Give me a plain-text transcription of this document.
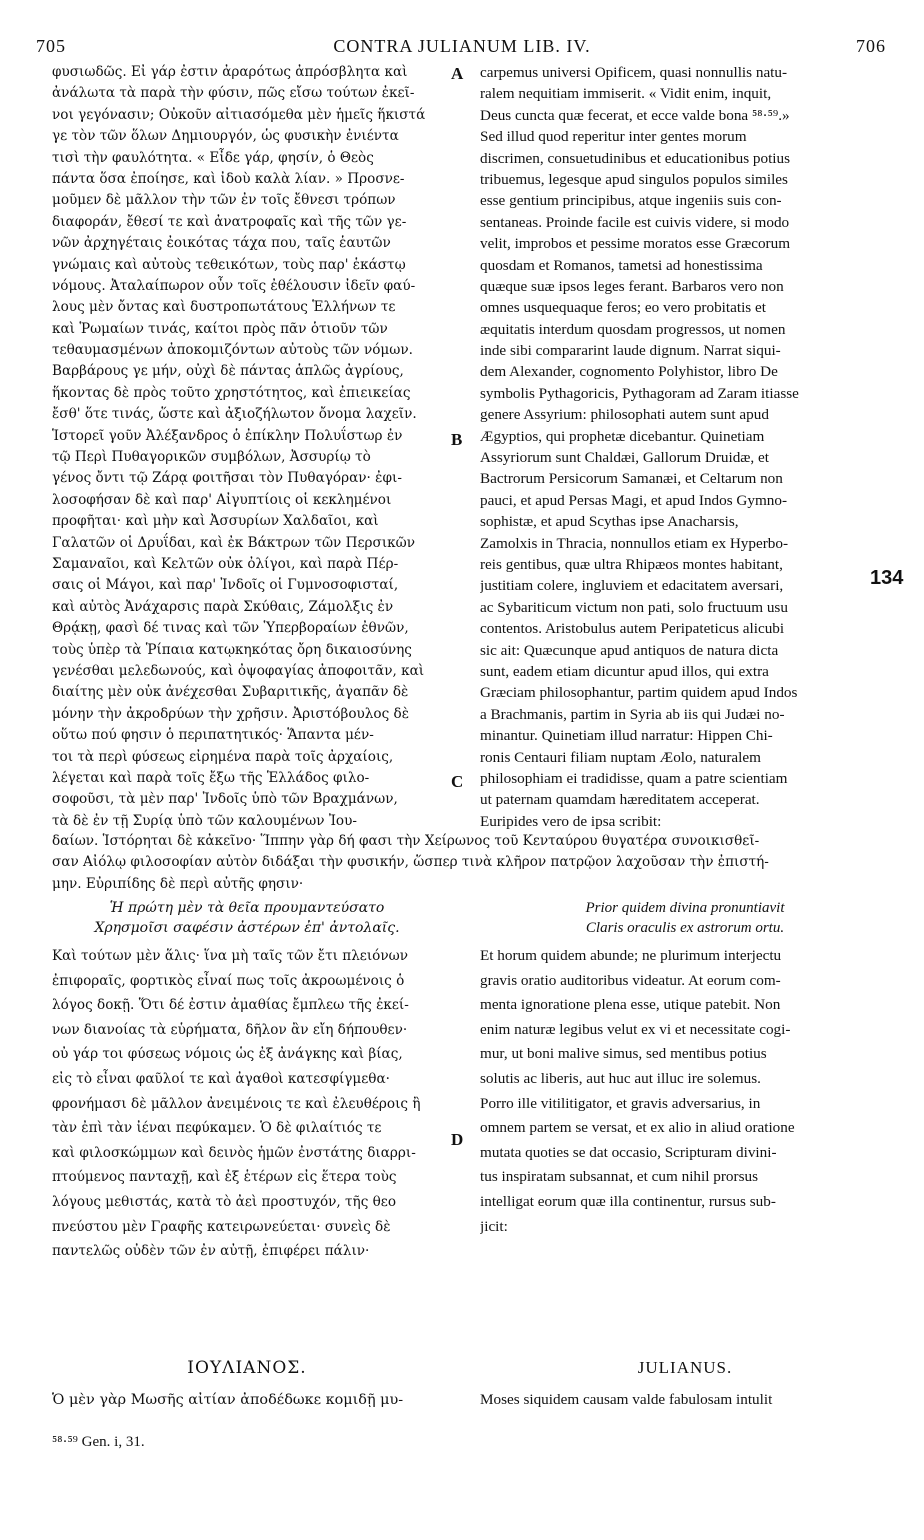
705	CONTRA JULIANUM LIB. IV.	706
φυσιωδῶς. Εἰ γάρ ἐστιν ἀραρότως ἀπρόσβλητα καὶ
ἀνάλωτα τὰ παρὰ τὴν φύσιν, πῶς εἴσω τούτων ἐκεῖ-
νοι γεγόνασιν; Οὐκοῦν αἰτιασόμεθα μὲν ἡμεῖς ἥκιστά
γε τὸν τῶν ὅλων Δημιουργόν, ὡς φυσικὴν ἐνιέντα
τισὶ τὴν φαυλότητα. « Εἶδε γάρ, φησίν, ὁ Θεὸς
πάντα ὅσα ἐποίησε, καὶ ἰδοὺ καλὰ λίαν. » Προσνε-
μοῦμεν δὲ μᾶλλον τὴν τῶν ἐν τοῖς ἔθνεσι τρόπων
διαφοράν, ἔθεσί τε καὶ ἀνατροφαῖς καὶ τῆς τῶν γε-
νῶν ἀρχηγέταις ἐοικότας τάχα που, ταῖς ἑαυτῶν
γνώμαις καὶ αὐτοὺς τεθεικότων, τοὺς παρ' ἑκάστῳ
νόμους. Ἀταλαίπωρον οὖν τοῖς ἐθέλουσιν ἰδεῖν φαύ-
λους μὲν ὄντας καὶ δυστροπωτάτους Ἑλλήνων τε
καὶ Ῥωμαίων τινάς, καίτοι πρὸς πᾶν ὁτιοῦν τῶν
τεθαυμασμένων ἀποκομιζόντων αὐτοὺς τῶν νόμων.
Βαρβάρους γε μήν, οὐχὶ δὲ πάντας ἁπλῶς ἀγρίους,
ἥκοντας δὲ πρὸς τοῦτο χρηστότητος, καὶ ἐπιεικείας
ἔσθ' ὅτε τινάς, ὥστε καὶ ἀξιοζήλωτον ὄνομα λαχεῖν.
Ἱστορεῖ γοῦν Ἀλέξανδρος ὁ ἐπίκλην Πολυΐστωρ ἐν
τῷ Περὶ Πυθαγορικῶν συμβόλων, Ἀσσυρίῳ τὸ
γένος ὄντι τῷ Ζάρᾳ φοιτῆσαι τὸν Πυθαγόραν· ἐφι-
λοσοφήσαν δὲ καὶ παρ' Αἰγυπτίοις οἱ κεκλημένοι
προφῆται· καὶ μὴν καὶ Ἀσσυρίων Χαλδαῖοι, καὶ
Γαλατῶν οἱ Δρυΐδαι, καὶ ἐκ Βάκτρων τῶν Περσικῶν
Σαμαναῖοι, καὶ Κελτῶν οὐκ ὀλίγοι, καὶ παρὰ Πέρ-
σαις οἱ Μάγοι, καὶ παρ' Ἰνδοῖς οἱ Γυμνοσοφισταί,
καὶ αὐτὸς Ἀνάχαρσις παρὰ Σκύθαις, Ζάμολξις ἐν
Θρᾴκῃ, φασὶ δέ τινας καὶ τῶν Ὑπερβοραίων ἐθνῶν,
τοὺς ὑπὲρ τὰ Ῥίπαια κατῳκηκότας ὄρη δικαιοσύνης
γενέσθαι μελεδωνούς, καὶ ὀψοφαγίας ἀποφοιτᾶν, καὶ
διαίτης μὲν οὐκ ἀνέχεσθαι Συβαριτικῆς, ἀγαπᾶν δὲ
μόνην τὴν ἀκροδρύων τὴν χρῆσιν. Ἀριστόβουλος δὲ
οὕτω πού φησιν ὁ περιπατητικός· Ἅπαντα μέν-
τοι τὰ περὶ φύσεως εἰρημένα παρὰ τοῖς ἀρχαίοις,
λέγεται καὶ παρὰ τοῖς ἔξω τῆς Ἑλλάδος φιλο-
σοφοῦσι, τὰ μὲν παρ' Ἰνδοῖς ὑπὸ τῶν Βραχμάνων,
τὰ δὲ ἐν τῇ Συρίᾳ ὑπὸ τῶν καλουμένων Ἰου-
carpemus universi Opificem, quasi nonnullis natu-
ralem nequitiam immiserit. « Vidit enim, inquit,
Deus cuncta quæ fecerat, et ecce valde bona ⁵⁸·⁵⁹.»
Sed illud quod reperitur inter gentes morum
discrimen, consuetudinibus et educationibus potius
tribuemus, legesque apud singulos populos similes
esse gentium principibus, atque ingeniis suis con-
sentaneas. Proinde facile est cuivis videre, si modo
velit, improbos et pessime moratos esse Græcorum
quosdam et Romanos, tametsi ad honestissima
quæque suæ ipsos leges ferant. Barbaros vero non
omnes usquequaque feros; eo vero probitatis et
æquitatis interdum quosdam progressos, ut nomen
inde sibi compararint laude dignum. Narrat siqui-
dem Alexander, cognomento Polyhistor, libro De
symbolis Pythagoricis, Pythagoram ad Zaram itiasse
genere Assyrium: philosophati autem sunt apud
Ægyptios, qui prophetæ dicebantur. Quinetiam
Assyriorum sunt Chaldæi, Gallorum Druidæ, et
Bactrorum Persicorum Samanæi, et Celtarum non
pauci, et apud Persas Magi, et apud Indos Gymno-
sophistæ, et apud Scythas ipse Anacharsis,
Zamolxis in Thracia, nonnullos etiam ex Hyperbo-
reis gentibus, quæ ultra Rhipæos montes habitant,
justitiam colere, ingluviem et edacitatem aversari,
ac Sybariticum victum non pati, solo fructuum usu
contentos. Aristobulus autem Peripateticus alicubi
sic ait: Quæcunque apud antiquos de natura dicta
sunt, eadem etiam dicuntur apud illos, qui extra
Græciam philosophantur, partim quidem apud Indos
a Brachmanis, partim in Syria ab iis qui Judæi no-
minantur. Quinetiam illud narratur: Hippen Chi-
ronis Centauri filiam nuptam Æolo, naturalem
philosophiam ei tradidisse, quam a patre scientiam
ut paternam quamdam hæreditatem acceperat.
Euripides vero de ipsa scribit:
A
B
C
D
134
δαίων. Ἱστόρηται δὲ κἀκεῖνο· Ἵππην γὰρ δή φασι τὴν Χείρωνος τοῦ Κενταύρου θυγατέρα συνοικισθεῖ-
σαν Αἰόλῳ φιλοσοφίαν αὐτὸν διδάξαι τὴν φυσικήν, ὥσπερ τινὰ κλῆρον πατρῷον λαχοῦσαν τὴν ἐπιστή-
μην. Εὐριπίδης δὲ περὶ αὐτῆς φησιν·
Ἡ πρώτη μὲν τὰ θεῖα προυμαντεύσατο
Χρησμοῖσι σαφέσιν ἀστέρων ἐπ' ἀντολαῖς.
Prior quidem divina pronuntiavit
Claris oraculis ex astrorum ortu.
Καὶ τούτων μὲν ἅλις· ἵνα μὴ ταῖς τῶν ἔτι πλειόνων
ἐπιφοραῖς, φορτικὸς εἶναί πως τοῖς ἀκροωμένοις ὁ
λόγος δοκῇ. Ὅτι δέ ἐστιν ἀμαθίας ἔμπλεω τῆς ἐκεί-
νων διανοίας τὰ εὑρήματα, δῆλον ἂν εἴη δήπουθεν·
οὐ γάρ τοι φύσεως νόμοις ὡς ἐξ ἀνάγκης καὶ βίας,
εἰς τὸ εἶναι φαῦλοί τε καὶ ἀγαθοὶ κατεσφίγμεθα·
φρονήμασι δὲ μᾶλλον ἀνειμένοις τε καὶ ἐλευθέροις ἢ
τὰν ἐπὶ τὰν ἰέναι πεφύκαμεν. Ὁ δὲ φιλαίτιός τε
καὶ φιλοσκώμμων καὶ δεινὸς ἡμῶν ἐνστάτης διαρρι-
πτούμενος πανταχῇ, καὶ ἐξ ἑτέρων εἰς ἕτερα τοὺς
λόγους μεθιστάς, κατὰ τὸ ἀεὶ προστυχόν, τῆς θεο
πνεύστου μὲν Γραφῆς κατειρωνεύεται· συνεὶς δὲ
παντελῶς οὐδὲν τῶν ἐν αὐτῇ, ἐπιφέρει πάλιν·
Et horum quidem abunde; ne plurimum interjectu
gravis oratio auditoribus videatur. At eorum com-
menta ignoratione plena esse, utique patebit. Non
enim naturæ legibus velut ex vi et necessitate cogi-
mur, ut boni malive simus, sed mentibus potius
solutis ac liberis, aut huc aut illuc ire solemus.
Porro ille vitilitigator, et gravis adversarius, in
omnem partem se versat, et ex alio in aliud oratione
mutata quoties se dat occasio, Scripturam divini-
tus inspiratam subsannat, et cum nihil prorsus
intelligat eorum quæ illa continentur, rursus sub-
jicit:
ΙΟΥΛΙΑΝΟΣ.	JULIANUS.
Ὁ μὲν γὰρ Μωσῆς αἰτίαν ἀποδέδωκε κομιδῇ μυ-	Moses siquidem causam valde fabulosam intulit
⁵⁸·⁵⁹ Gen. i, 31.
